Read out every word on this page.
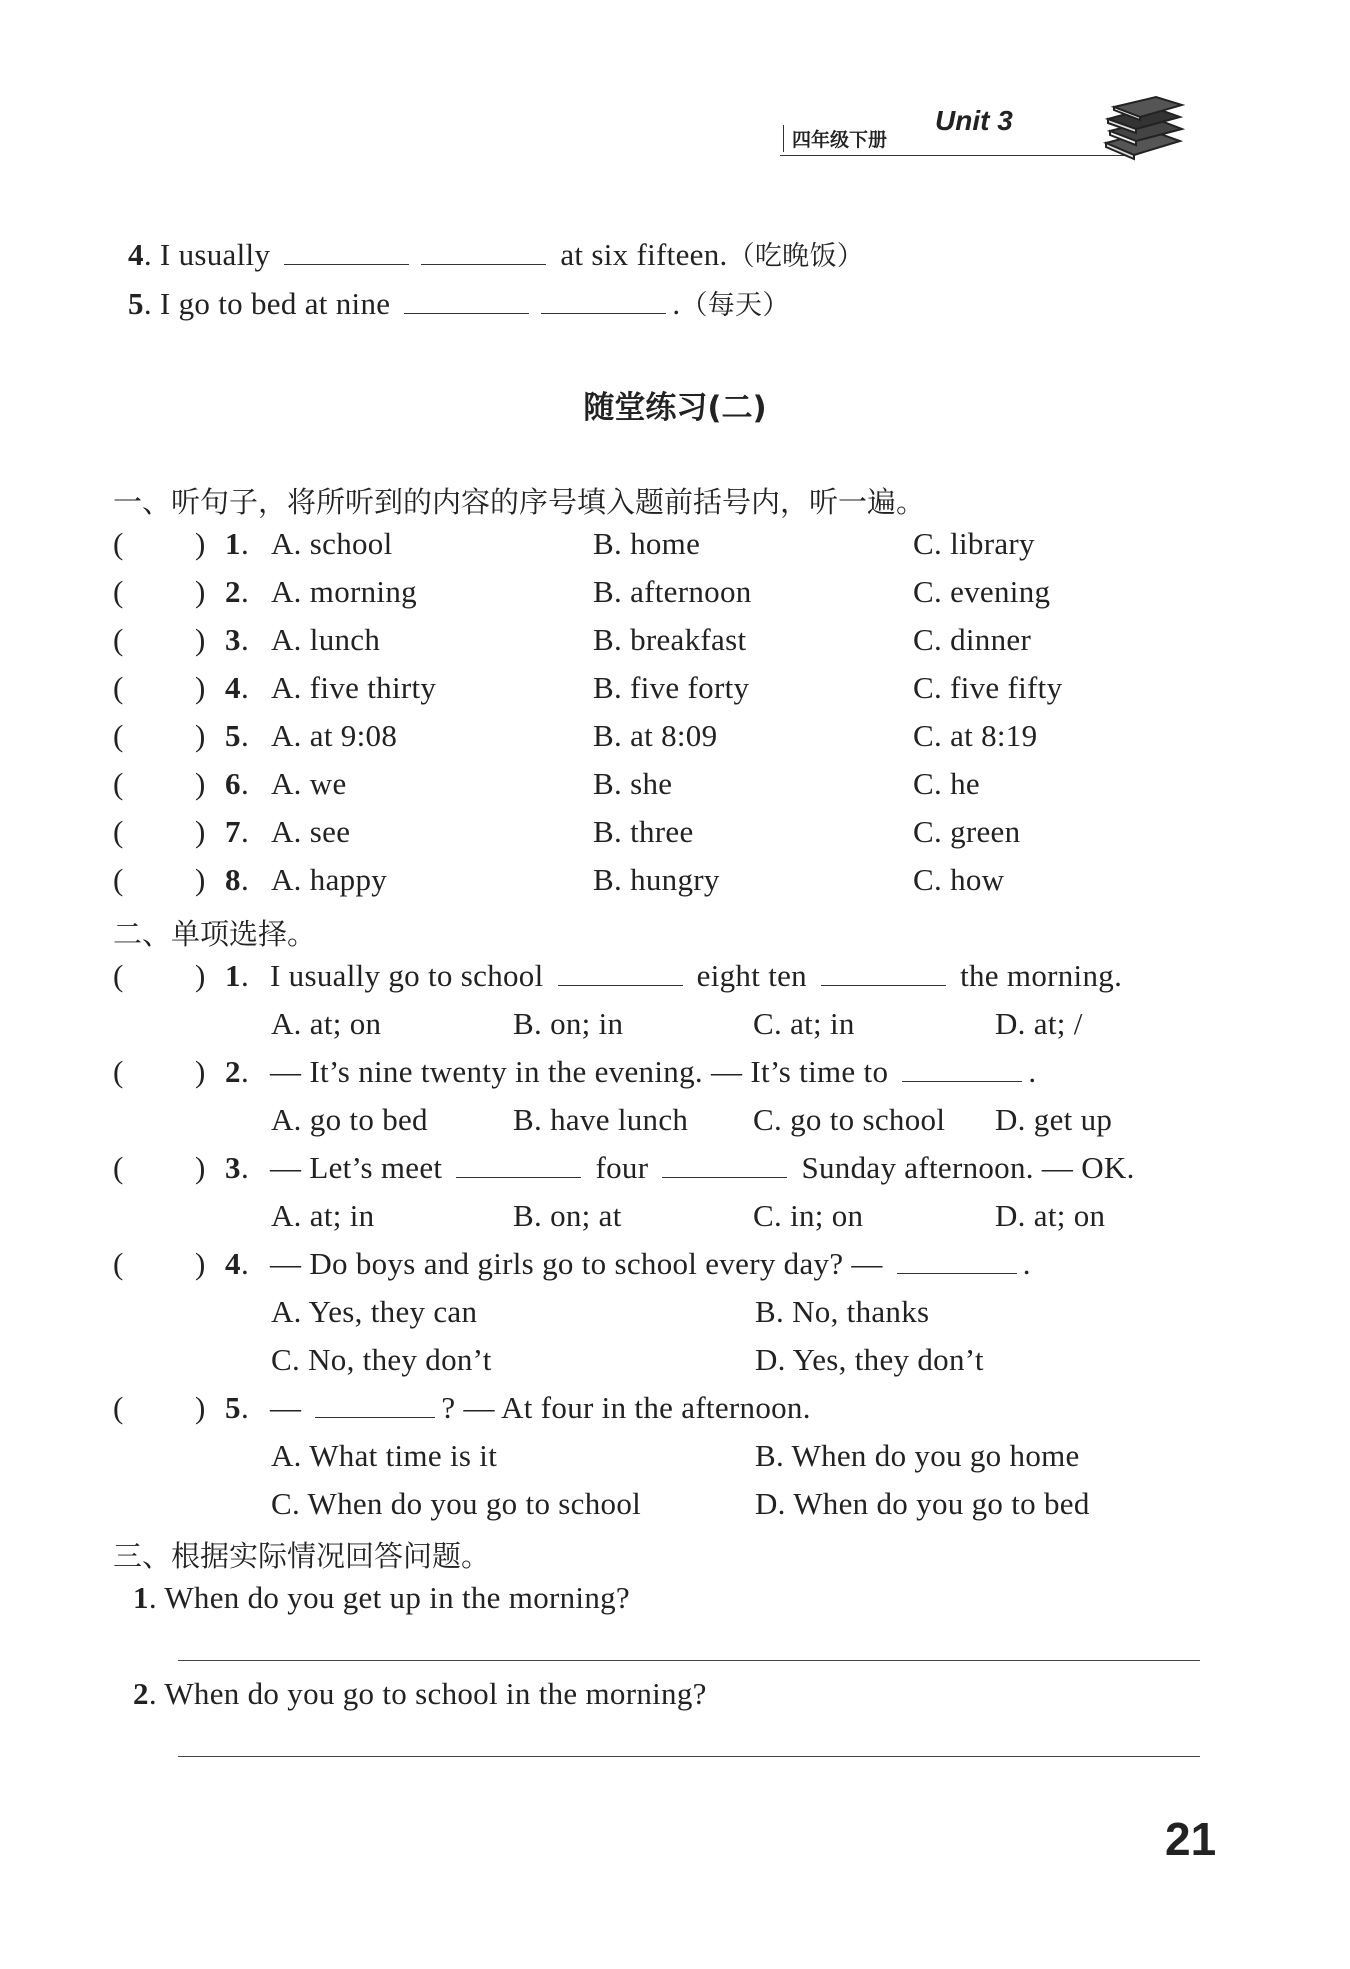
四年级下册
Unit 3
4. I usually	at six fifteen.（吃晚饭）
5. I go to bed at nine	.（每天）
随堂练习(二)
一、听句子，将所听到的内容的序号填入题前括号内，听一遍。
( ) 1 . A. school	B. home	C. library
( ) 2 . A. morning	B. afternoon	C. evening
( ) 3 . A. lunch	B. breakfast	C. dinner
( ) 4 . A. five thirty	B. five forty	C. five fifty
( ) 5 . A. at 9:08	B. at 8:09	C. at 8:19
( ) 6 . A. we	B. she	C. he
( ) 7 . A. see	B. three	C. green
( ) 8 . A. happy	B. hungry	C. how
二、单项选择。
( ) 1 . I usually go to school	eight ten	the morning.
A. at; on	B. on; in	C. at; in	D. at; /
( ) 2 . — It’s nine twenty in the evening. — It’s time to	.
A. go to bed	B. have lunch C. go to school D. get up
( ) 3 . — Let’s meet	four	Sunday afternoon. — OK.
A. at; in	B. on; at	C. in; on	D. at; on
( ) 4 . — Do boys and girls go to school every day? —	.
A. Yes, they can	B. No, thanks
C. No, they don’t	D. Yes, they don’t
( ) 5 . —	? — At four in the afternoon.
A. What time is it	B. When do you go home
C. When do you go to school	D. When do you go to bed
三、根据实际情况回答问题。
1. When do you get up in the morning?
2. When do you go to school in the morning?
21
